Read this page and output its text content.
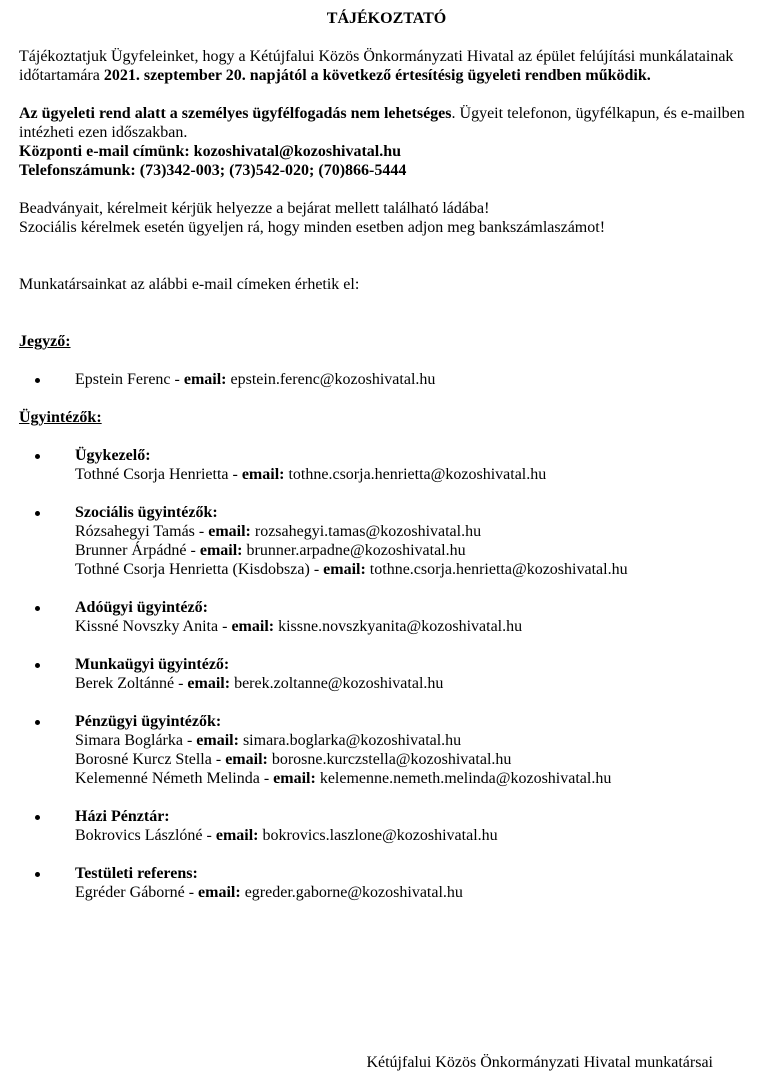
TÁJÉKOZTATÓ

Tájékoztatjuk Ügyfeleinket, hogy a Kétújfalui Közös Önkormányzati Hivatal az épület felújítási munkálatainak időtartamára 2021. szeptember 20. napjától a következő értesítésig ügyeleti rendben működik.

Az ügyeleti rend alatt a személyes ügyfélfogadás nem lehetséges. Ügyeit telefonon, ügyfélkapun, és e-mailben intézheti ezen időszakban.

Központi e-mail címünk: kozoshivatal@kozoshivatal.hu

Telefonszámunk: (73)342-003; (73)542-020; (70)866-5444

Beadványait, kérelmeit kérjük helyezze a bejárat mellett található ládába!

Szociális kérelmek esetén ügyeljen rá, hogy minden esetben adjon meg bankszámlaszámot!

Munkatársainkat az alábbi e-mail címeken érhetik el:

Jegyző:

Epstein Ferenc - email: epstein.ferenc@kozoshivatal.hu

Ügyintézők:

Ügykezelő:
Tothné Csorja Henrietta - email: tothne.csorja.henrietta@kozoshivatal.hu
Szociális ügyintézők:
Rózsahegyi Tamás - email: rozsahegyi.tamas@kozoshivatal.hu
Brunner Árpádné - email: brunner.arpadne@kozoshivatal.hu
Tothné Csorja Henrietta (Kisdobsza) - email: tothne.csorja.henrietta@kozoshivatal.hu
Adóügyi ügyintéző:
Kissné Novszky Anita - email: kissne.novszkyanita@kozoshivatal.hu
Munkaügyi ügyintéző:
Berek Zoltánné - email: berek.zoltanne@kozoshivatal.hu
Pénzügyi ügyintézők:
Simara Boglárka - email: simara.boglarka@kozoshivatal.hu
Borosné Kurcz Stella - email: borosne.kurczstella@kozoshivatal.hu
Kelemenné Németh Melinda - email: kelemenne.nemeth.melinda@kozoshivatal.hu
Házi Pénztár:
Bokrovics Lászlóné - email: bokrovics.laszlone@kozoshivatal.hu
Testületi referens:
Egréder Gáborné - email: egreder.gaborne@kozoshivatal.hu

Kétújfalui Közös Önkormányzati Hivatal munkatársai
